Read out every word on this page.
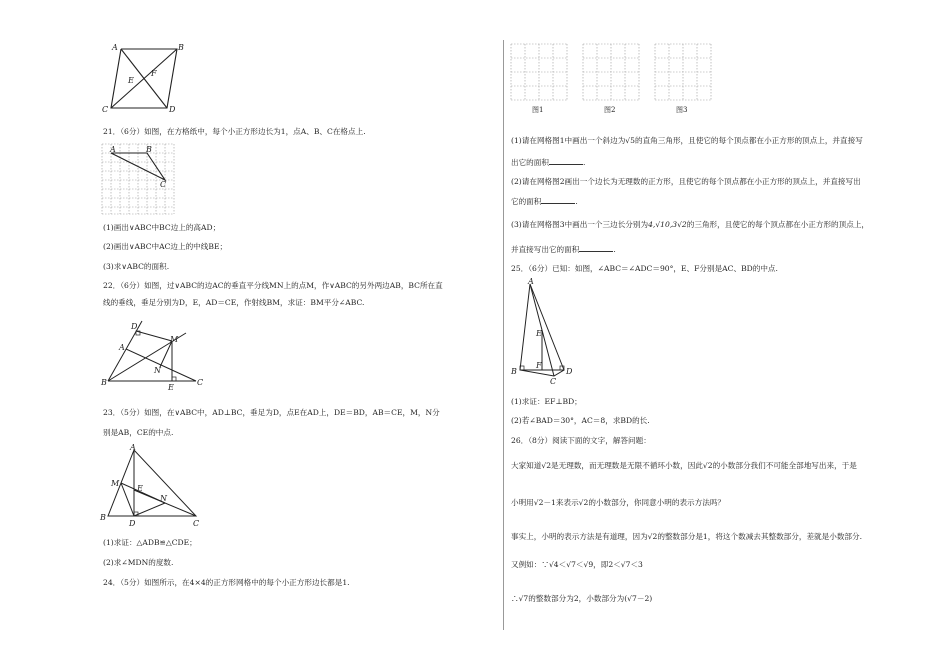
A	B
E
F
C	D
21．（6分）如图，在方格纸中，每个小正方形边长为1，点A、B、C在格点上.
A	B
C
(1)画出∨ABC中BC边上的高AD；
(2)画出∨ABC中AC边上的中线BE；
(3)求∨ABC的面积.
22．（6分）如图，过∨ABC的边AC的垂直平分线MN上的点M，作∨ABC的另外两边AB，BC所在直
线的垂线，垂足分别为D，E，AD＝CE，作射线BM，求证：BM平分∠ABC.
D
A
M
N
B
E
C
23．（5分）如图，在∨ABC中，AD⊥BC，垂足为D，点E在AD上，DE＝BD，AB＝CE，M，N分
别是AB，CE的中点.
A
M
E
N
B
D	C
(1)求证：△ADB≌△CDE；
(2)求∠MDN的度数.
24．（5分）如图所示，在4×4的正方形网格中的每个小正方形边长都是1.
图1	图2	图3
(1)请在网格图1中画出一个斜边为√5的直角三角形，且使它的每个顶点都在小正方形的顶点上，并直接写
出它的面积	.
(2)请在网格图2画出一个边长为无理数的正方形，且使它的每个顶点都在小正方形的顶点上，并直接写出
它的面积	.
(3)请在网格图3中画出一个三边长分别为4,√10,3√2的三角形，且使它的每个顶点都在小正方形的顶点上，
并直接写出它的面积	.
25．（6分）已知：如图，∠ABC＝∠ADC＝90°，E、F分别是AC、BD的中点.
A
E
B
F
D
C
(1)求证：EF⊥BD；
(2)若∠BAD＝30°，AC＝8，求BD的长.
26．（8分）阅读下面的文字，解答问题：
大家知道√2是无理数，而无理数是无限不循环小数，因此√2的小数部分我们不可能全部地写出来，于是
小明用√2－1来表示√2的小数部分，你同意小明的表示方法吗？
事实上，小明的表示方法是有道理，因为√2的整数部分是1，将这个数减去其整数部分，差就是小数部分.
又例如：∵√4＜√7＜√9，即2＜√7＜3
∴√7的整数部分为2，小数部分为(√7－2)
